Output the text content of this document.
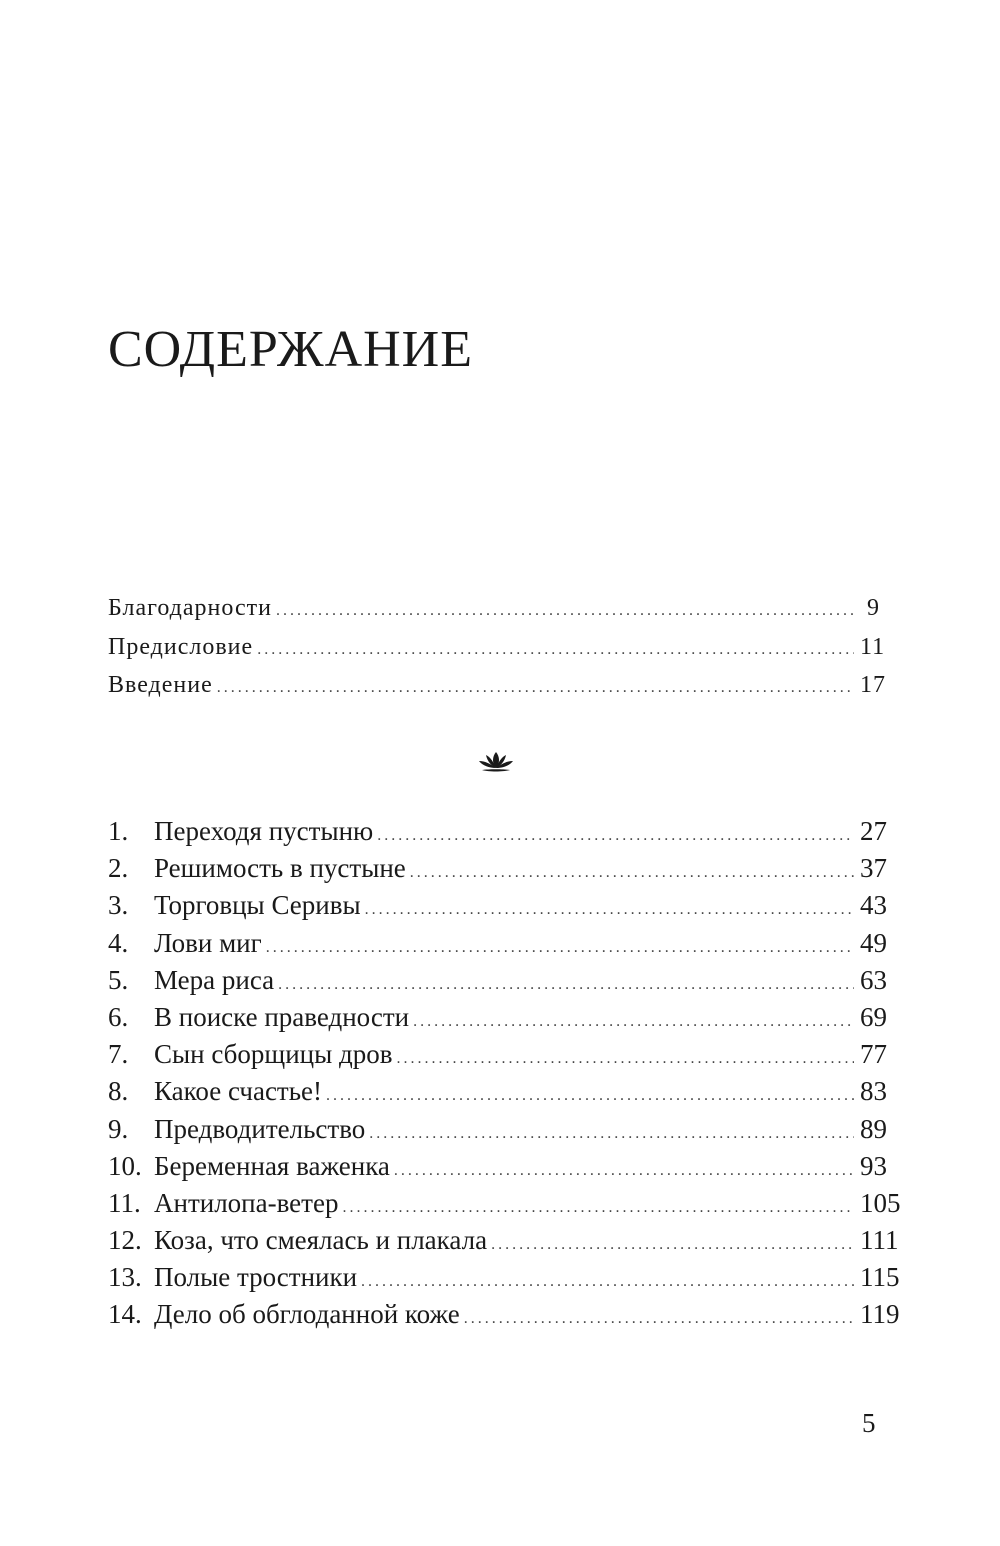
СОДЕРЖАНИЕ
Благодарности .....	9
Предисловие .....	11
Введение .....	17
1. Переходя пустыню .....	27
2. Решимость в пустыне .....	37
3. Торговцы Серивы .....	43
4. Лови миг .....	49
5. Мера риса .....	63
6. В поиске праведности .....	69
7. Сын сборщицы дров .....	77
8. Какое счастье! .....	83
9. Предводительство .....	89
10. Беременная важенка .....	93
11. Антилопа-ветер .....	105
12. Коза, что смеялась и плакала .....	111
13. Полые тростники .....	115
14. Дело об обглоданной коже .....	119
5
